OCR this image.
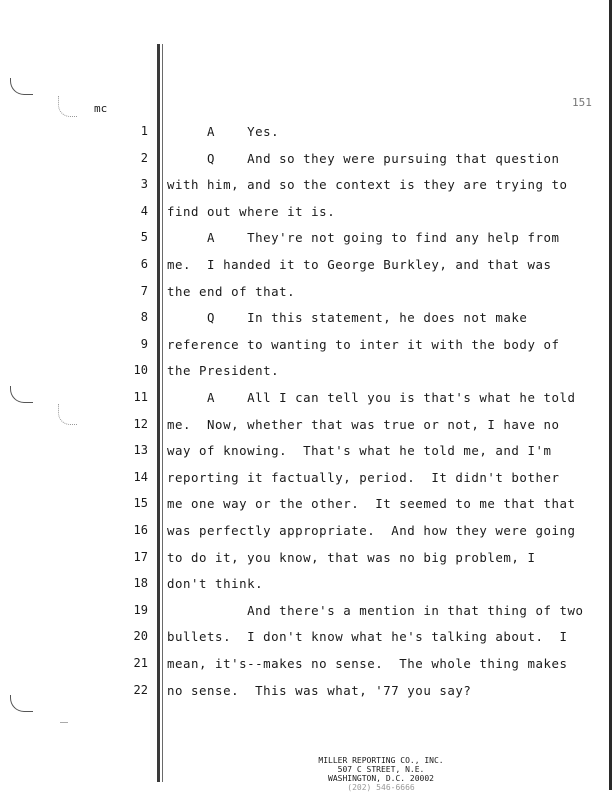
mc	151
1 A    Yes.
2 Q    And so they were pursuing that question
3 with him, and so the context is they are trying to
4 find out where it is.
5 A    They're not going to find any help from
6 me.  I handed it to George Burkley, and that was
7 the end of that.
8 Q    In this statement, he does not make
9 reference to wanting to inter it with the body of
10 the President.
11 A    All I can tell you is that's what he told
12 me.  Now, whether that was true or not, I have no
13 way of knowing.  That's what he told me, and I'm
14 reporting it factually, period.  It didn't bother
15 me one way or the other.  It seemed to me that that
16 was perfectly appropriate.  And how they were going
17 to do it, you know, that was no big problem, I
18 don't think.
19 And there's a mention in that thing of two
20 bullets.  I don't know what he's talking about.  I
21 mean, it's--makes no sense.  The whole thing makes
22 no sense.  This was what, '77 you say?
MILLER REPORTING CO., INC.
507 C STREET, N.E.
WASHINGTON, D.C. 20002
(202) 546-6666
